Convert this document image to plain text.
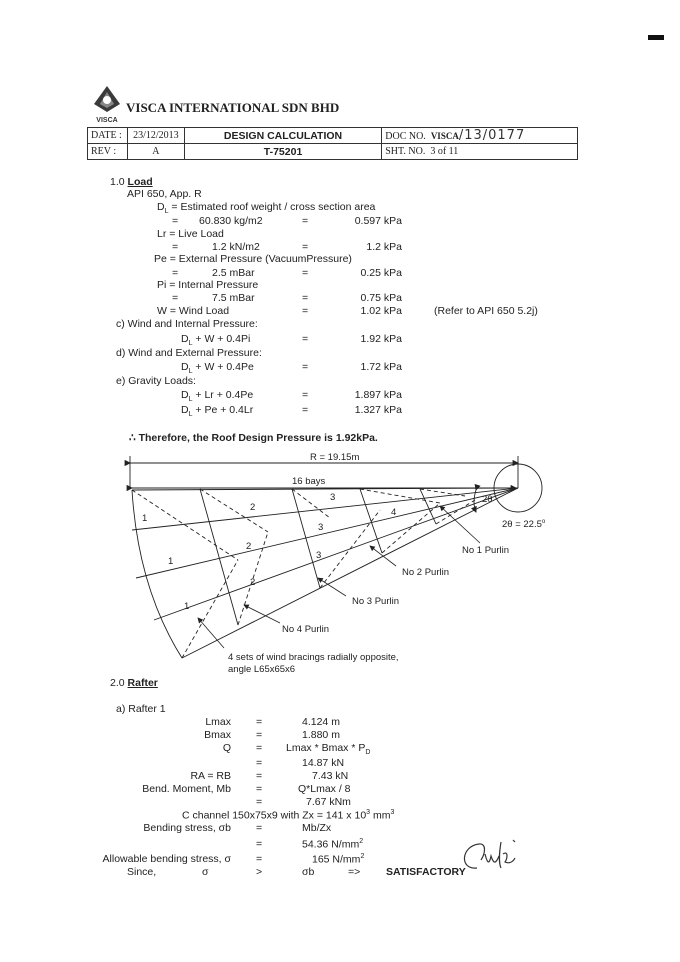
VISCA
VISCA INTERNATIONAL SDN BHD
DATE :	23/12/2013	DESIGN CALCULATION	DOC NO. VISCA/13/0177
REV :	A	T-75201	SHT. NO. 3 of 11
1.0 Load
API 650, App. R
$D_L$ = Estimated roof weight / cross section area
= 60.830 kg/m2	=	0.597 kPa
Lr = Live Load
=	1.2 kN/m2	=	1.2 kPa
Pe = External Pressure (VacuumPressure)
=	2.5 mBar	=	0.25 kPa
Pi = Internal Pressure
=	7.5 mBar	=	0.75 kPa
W = Wind Load	=	1.02 kPa	(Refer to API 650 5.2j)
c) Wind and Internal Pressure:
$D_L + W + 0.4Pi$	=	1.92 kPa
d) Wind and External Pressure:
$D_L + W + 0.4Pe$	=	1.72 kPa
e) Gravity Loads:
$D_L + Lr + 0.4Pe$	=	1.897 kPa
$D_L + Pe + 0.4Lr$	=	1.327 kPa
∴ Therefore, the Roof Design Pressure is 1.92kPa.
R = 19.15m
16 bays
2θ
$2\theta = 22.5^o$
No 1 Purlin
No 2 Purlin
No 3 Purlin
No 4 Purlin
4 sets of wind bracings radially opposite,
angle L65x65x6
1
1
1
2
2
2
3
3
3
4
2.0 Rafter
a) Rafter 1
Lmax =	4.124 m
Bmax =	1.880 m
$Q = Lmax * Bmax * P_D$
=	14.87 kN
RA = RB =	7.43 kN
Bend. Moment, Mb =	Q*Lmax / 8
=	7.67 kNm
C channel 150x75x9 with Zx = 141 x $10^3$ $mm^3$
Bending stress, σb =	Mb/Zx
=	54.36 $N/mm^2$
Allowable bending stress, σ =	165 $N/mm^2$
Since,	σ	>	σb	=> SATISFACTORY
